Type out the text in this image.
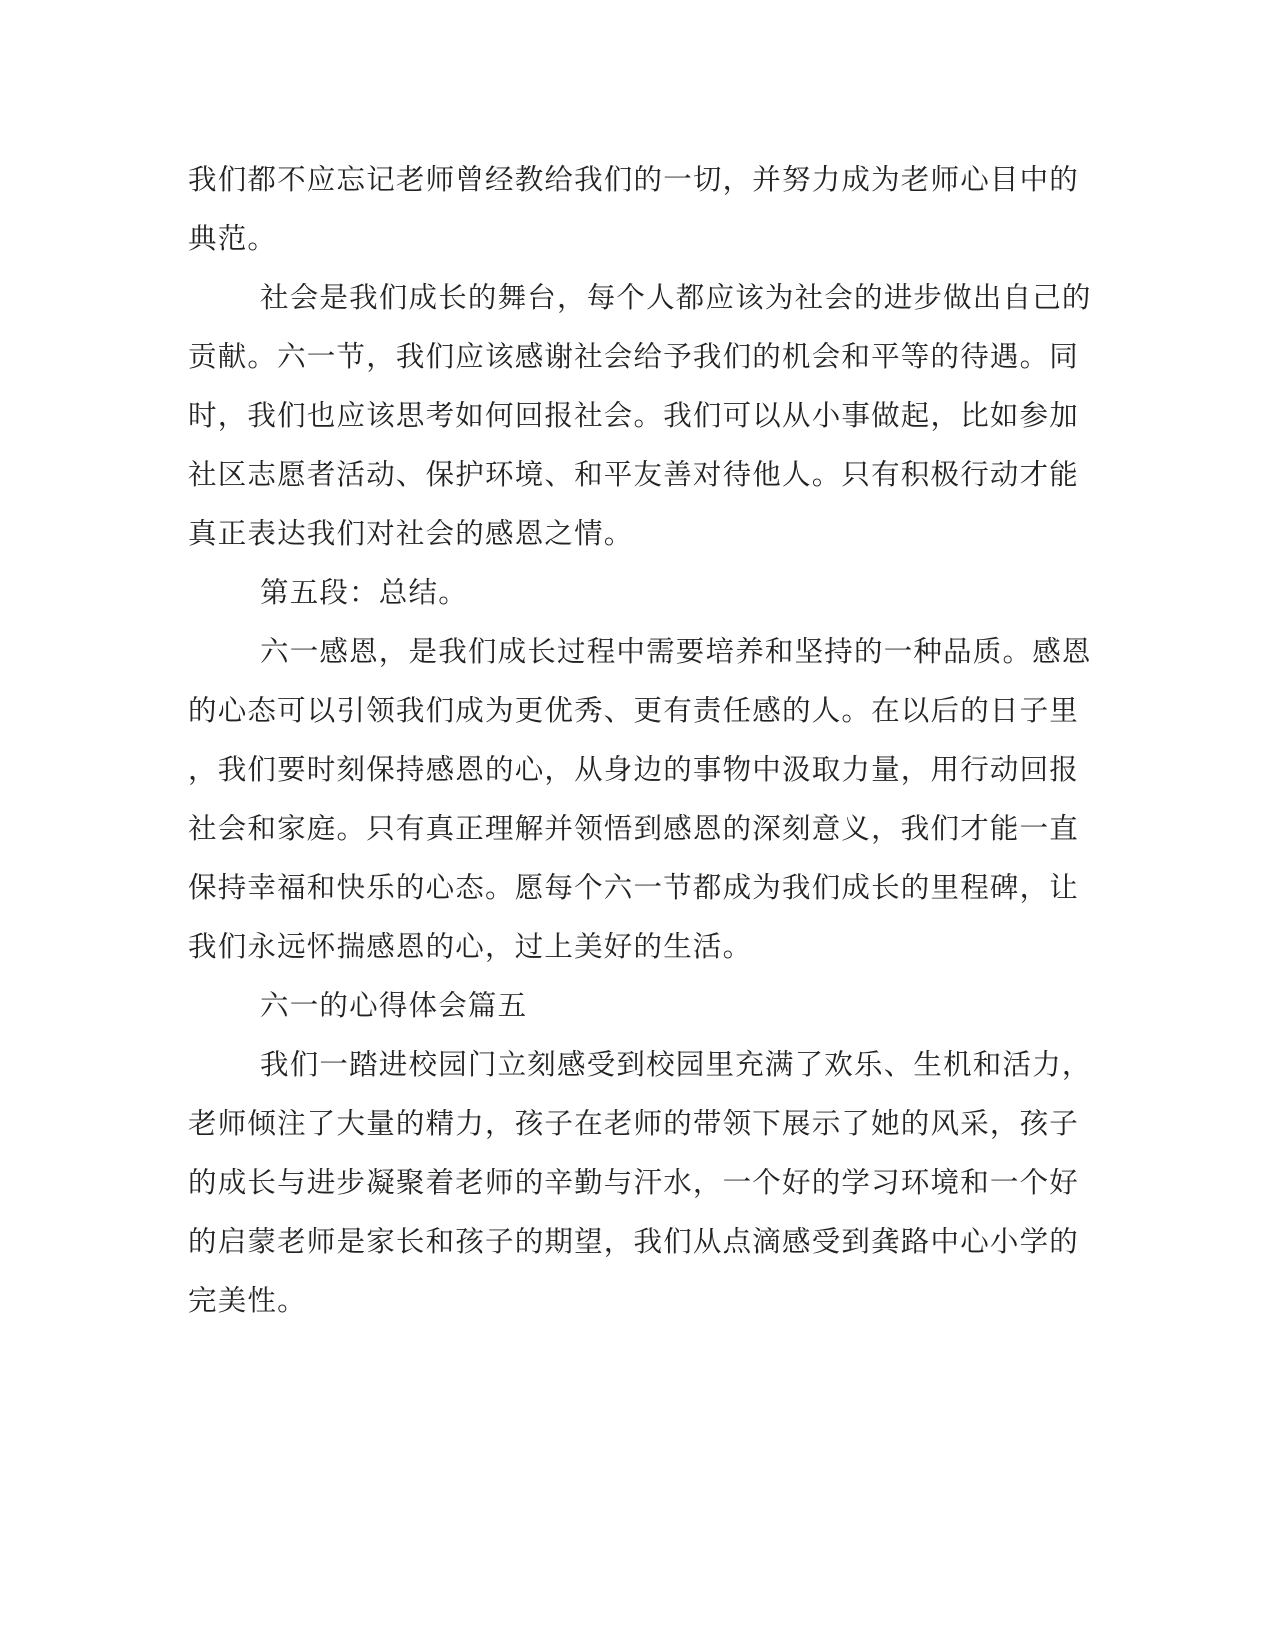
我们都不应忘记老师曾经教给我们的一切，并努力成为老师心目中的
典范。
社会是我们成长的舞台，每个人都应该为社会的进步做出自己的
贡献。六一节，我们应该感谢社会给予我们的机会和平等的待遇。同
时，我们也应该思考如何回报社会。我们可以从小事做起，比如参加
社区志愿者活动、保护环境、和平友善对待他人。只有积极行动才能
真正表达我们对社会的感恩之情。
第五段：总结。
六一感恩，是我们成长过程中需要培养和坚持的一种品质。感恩
的心态可以引领我们成为更优秀、更有责任感的人。在以后的日子里
，我们要时刻保持感恩的心，从身边的事物中汲取力量，用行动回报
社会和家庭。只有真正理解并领悟到感恩的深刻意义，我们才能一直
保持幸福和快乐的心态。愿每个六一节都成为我们成长的里程碑，让
我们永远怀揣感恩的心，过上美好的生活。
六一的心得体会篇五
我们一踏进校园门立刻感受到校园里充满了欢乐、生机和活力，
老师倾注了大量的精力，孩子在老师的带领下展示了她的风采，孩子
的成长与进步凝聚着老师的辛勤与汗水，一个好的学习环境和一个好
的启蒙老师是家长和孩子的期望，我们从点滴感受到龚路中心小学的
完美性。
